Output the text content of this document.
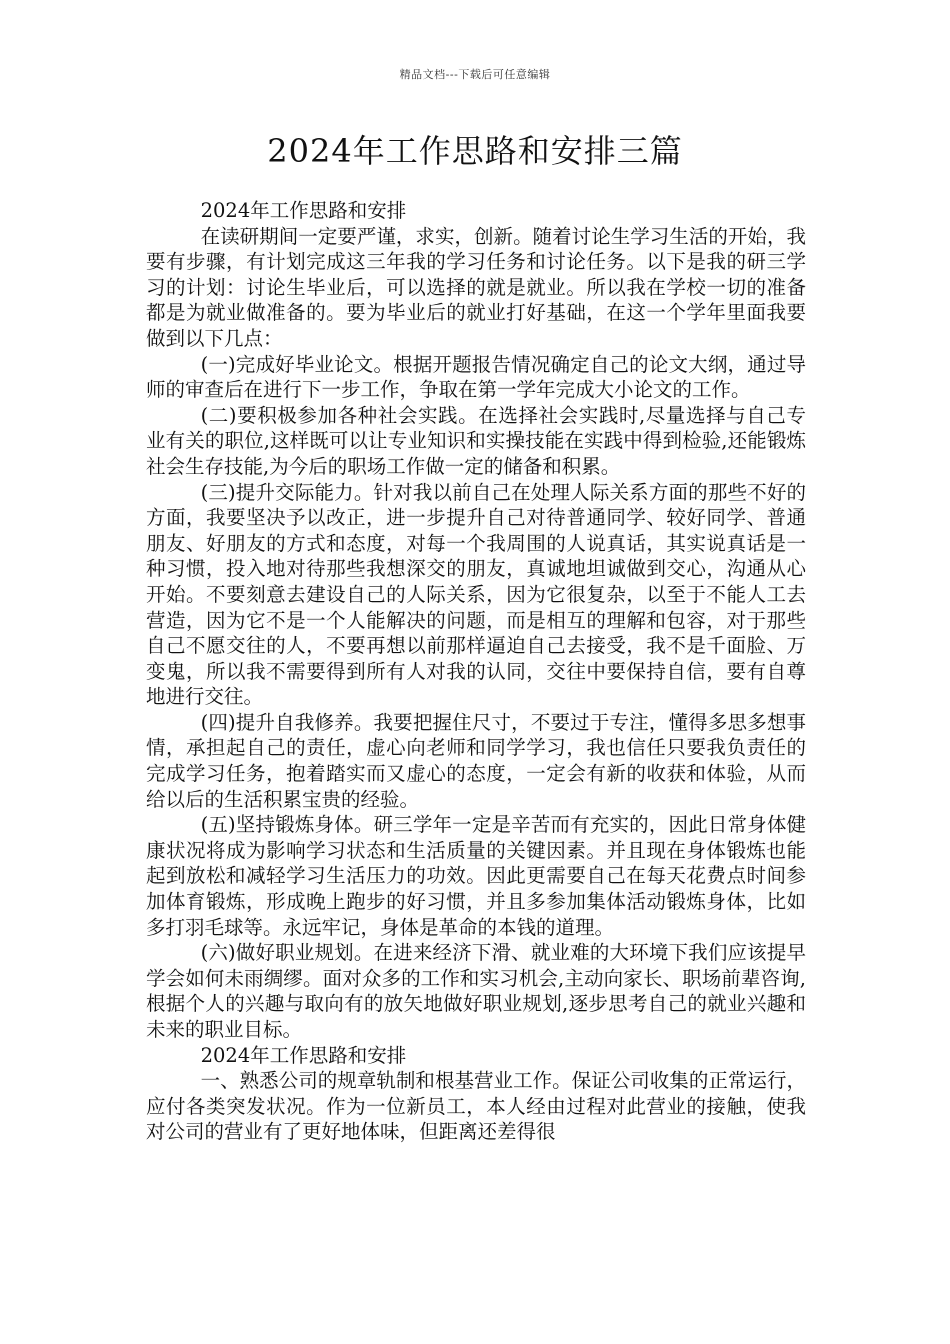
精品文档---下载后可任意编辑
2024年工作思路和安排三篇

2024年工作思路和安排

在读研期间一定要严谨，求实，创新。随着讨论生学习生活的开始，我要有步骤，有计划完成这三年我的学习任务和讨论任务。以下是我的研三学习的计划：讨论生毕业后，可以选择的就是就业。所以我在学校一切的准备都是为就业做准备的。要为毕业后的就业打好基础，在这一个学年里面我要做到以下几点：

(一)完成好毕业论文。根据开题报告情况确定自己的论文大纲，通过导师的审查后在进行下一步工作，争取在第一学年完成大小论文的工作。

(二)要积极参加各种社会实践。在选择社会实践时,尽量选择与自己专业有关的职位,这样既可以让专业知识和实操技能在实践中得到检验,还能锻炼社会生存技能,为今后的职场工作做一定的储备和积累。

(三)提升交际能力。针对我以前自己在处理人际关系方面的那些不好的方面，我要坚决予以改正，进一步提升自己对待普通同学、较好同学、普通朋友、好朋友的方式和态度，对每一个我周围的人说真话，其实说真话是一种习惯，投入地对待那些我想深交的朋友，真诚地坦诚做到交心，沟通从心开始。不要刻意去建设自己的人际关系，因为它很复杂，以至于不能人工去营造，因为它不是一个人能解决的问题，而是相互的理解和包容，对于那些自己不愿交往的人，不要再想以前那样逼迫自己去接受，我不是千面脸、万变鬼，所以我不需要得到所有人对我的认同，交往中要保持自信，要有自尊地进行交往。

(四)提升自我修养。我要把握住尺寸，不要过于专注，懂得多思多想事情，承担起自己的责任，虚心向老师和同学学习，我也信任只要我负责任的完成学习任务，抱着踏实而又虚心的态度，一定会有新的收获和体验，从而给以后的生活积累宝贵的经验。

(五)坚持锻炼身体。研三学年一定是辛苦而有充实的，因此日常身体健康状况将成为影响学习状态和生活质量的关键因素。并且现在身体锻炼也能起到放松和减轻学习生活压力的功效。因此更需要自己在每天花费点时间参加体育锻炼，形成晚上跑步的好习惯，并且多参加集体活动锻炼身体，比如多打羽毛球等。永远牢记，身体是革命的本钱的道理。

(六)做好职业规划。在进来经济下滑、就业难的大环境下我们应该提早学会如何未雨绸缪。面对众多的工作和实习机会,主动向家长、职场前辈咨询,根据个人的兴趣与取向有的放矢地做好职业规划,逐步思考自己的就业兴趣和未来的职业目标。

2024年工作思路和安排

一、熟悉公司的规章轨制和根基营业工作。保证公司收集的正常运行，应付各类突发状况。作为一位新员工，本人经由过程对此营业的接触，使我对公司的营业有了更好地体味，但距离还差得很
